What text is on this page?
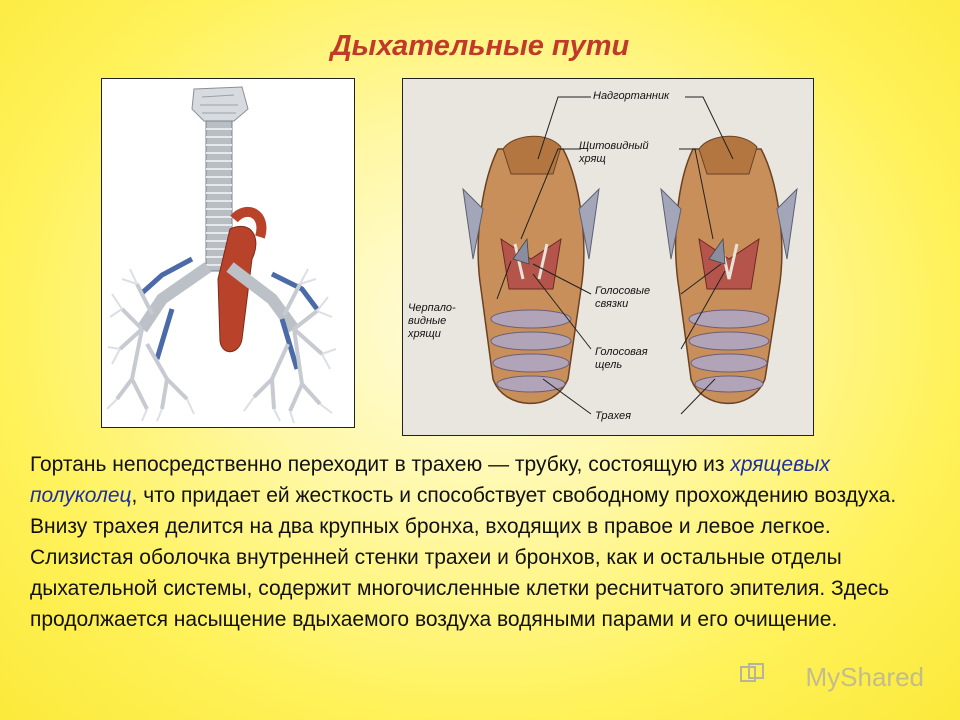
Дыхательные пути
Надгортанник
Щитовидный
хрящ
Черпало-
видные
хрящи
Голосовые
связки
Голосовая
щель
Трахея
Гортань непосредственно переходит в трахею — трубку, состоящую из хрящевых полуколец, что придает ей жесткость и способствует свободному прохождению воздуха. Внизу трахея делится на два крупных бронха, входящих в правое и левое легкое. Слизистая оболочка внутренней стенки трахеи и бронхов, как и остальные отделы дыхательной системы, содержит многочисленные клетки реснитчатого эпителия. Здесь продолжается насыщение вдыхаемого воздуха водяными парами и его очищение.
MyShared
